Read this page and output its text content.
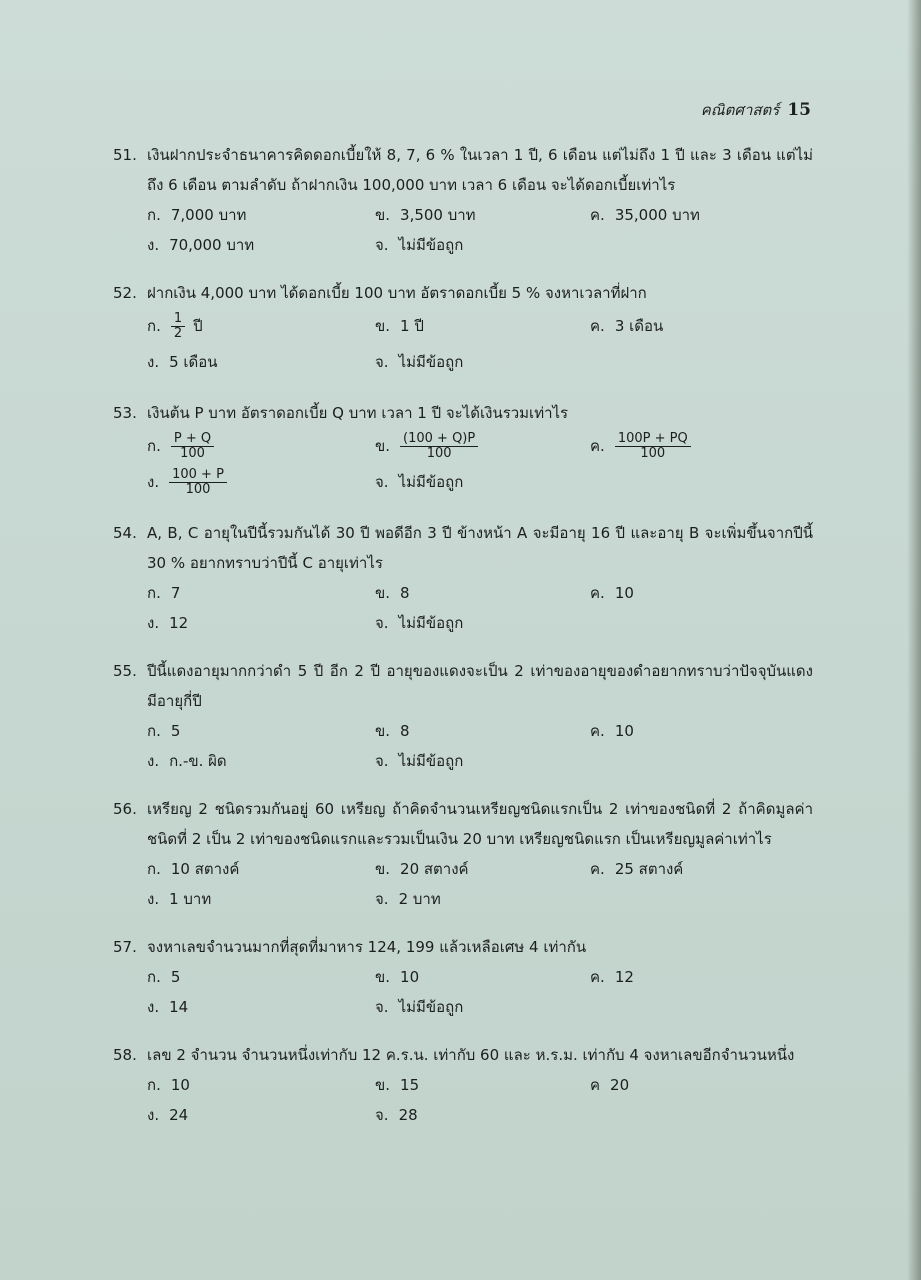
คณิตศาสตร์ 15
51. เงินฝากประจำธนาคารคิดดอกเบี้ยให้ 8, 7, 6 % ในเวลา 1 ปี, 6 เดือน แต่ไม่ถึง 1 ปี และ 3 เดือน แต่ไม่ถึง 6 เดือน ตามลำดับ ถ้าฝากเงิน 100,000 บาท เวลา 6 เดือน จะได้ดอกเบี้ยเท่าไร
ก. 7,000 บาท	ข. 3,500 บาท	ค. 35,000 บาท
ง. 70,000 บาท	จ. ไม่มีข้อถูก
52. ฝากเงิน 4,000 บาท ได้ดอกเบี้ย 100 บาท อัตราดอกเบี้ย 5 % จงหาเวลาที่ฝาก
ก. $\frac{1}{2}$ ปี	ข. 1 ปี	ค. 3 เดือน
ง. 5 เดือน	จ. ไม่มีข้อถูก
53. เงินต้น P บาท อัตราดอกเบี้ย Q บาท เวลา 1 ปี จะได้เงินรวมเท่าไร
ก. $\frac{P + Q}{100}$	ข. $\frac{(100 + Q)P}{100}$	ค. $\frac{100P + PQ}{100}$
ง. $\frac{100 + P}{100}$	จ. ไม่มีข้อถูก
54. A, B, C อายุในปีนี้รวมกันได้ 30 ปี พอดีอีก 3 ปี ข้างหน้า A จะมีอายุ 16 ปี และอายุ B จะเพิ่มขึ้นจากปีนี้ 30 % อยากทราบว่าปีนี้ C อายุเท่าไร
ก. 7	ข. 8	ค. 10
ง. 12	จ. ไม่มีข้อถูก
55. ปีนี้แดงอายุมากกว่าดำ 5 ปี อีก 2 ปี อายุของแดงจะเป็น 2 เท่าของอายุของดำอยากทราบว่าปัจจุบันแดงมีอายุกี่ปี
ก. 5	ข. 8	ค. 10
ง. ก.-ข. ผิด	จ. ไม่มีข้อถูก
56. เหรียญ 2 ชนิดรวมกันอยู่ 60 เหรียญ ถ้าคิดจำนวนเหรียญชนิดแรกเป็น 2 เท่าของชนิดที่ 2 ถ้าคิดมูลค่าชนิดที่ 2 เป็น 2 เท่าของชนิดแรกและรวมเป็นเงิน 20 บาท เหรียญชนิดแรก เป็นเหรียญมูลค่าเท่าไร
ก. 10 สตางค์	ข. 20 สตางค์	ค. 25 สตางค์
ง. 1 บาท	จ. 2 บาท
57. จงหาเลขจำนวนมากที่สุดที่มาหาร 124, 199 แล้วเหลือเศษ 4 เท่ากัน
ก. 5	ข. 10	ค. 12
ง. 14	จ. ไม่มีข้อถูก
58. เลข 2 จำนวน จำนวนหนึ่งเท่ากับ 12 ค.ร.น. เท่ากับ 60 และ ห.ร.ม. เท่ากับ 4 จงหาเลขอีกจำนวนหนึ่ง
ก. 10	ข. 15	ค 20
ง. 24	จ. 28
